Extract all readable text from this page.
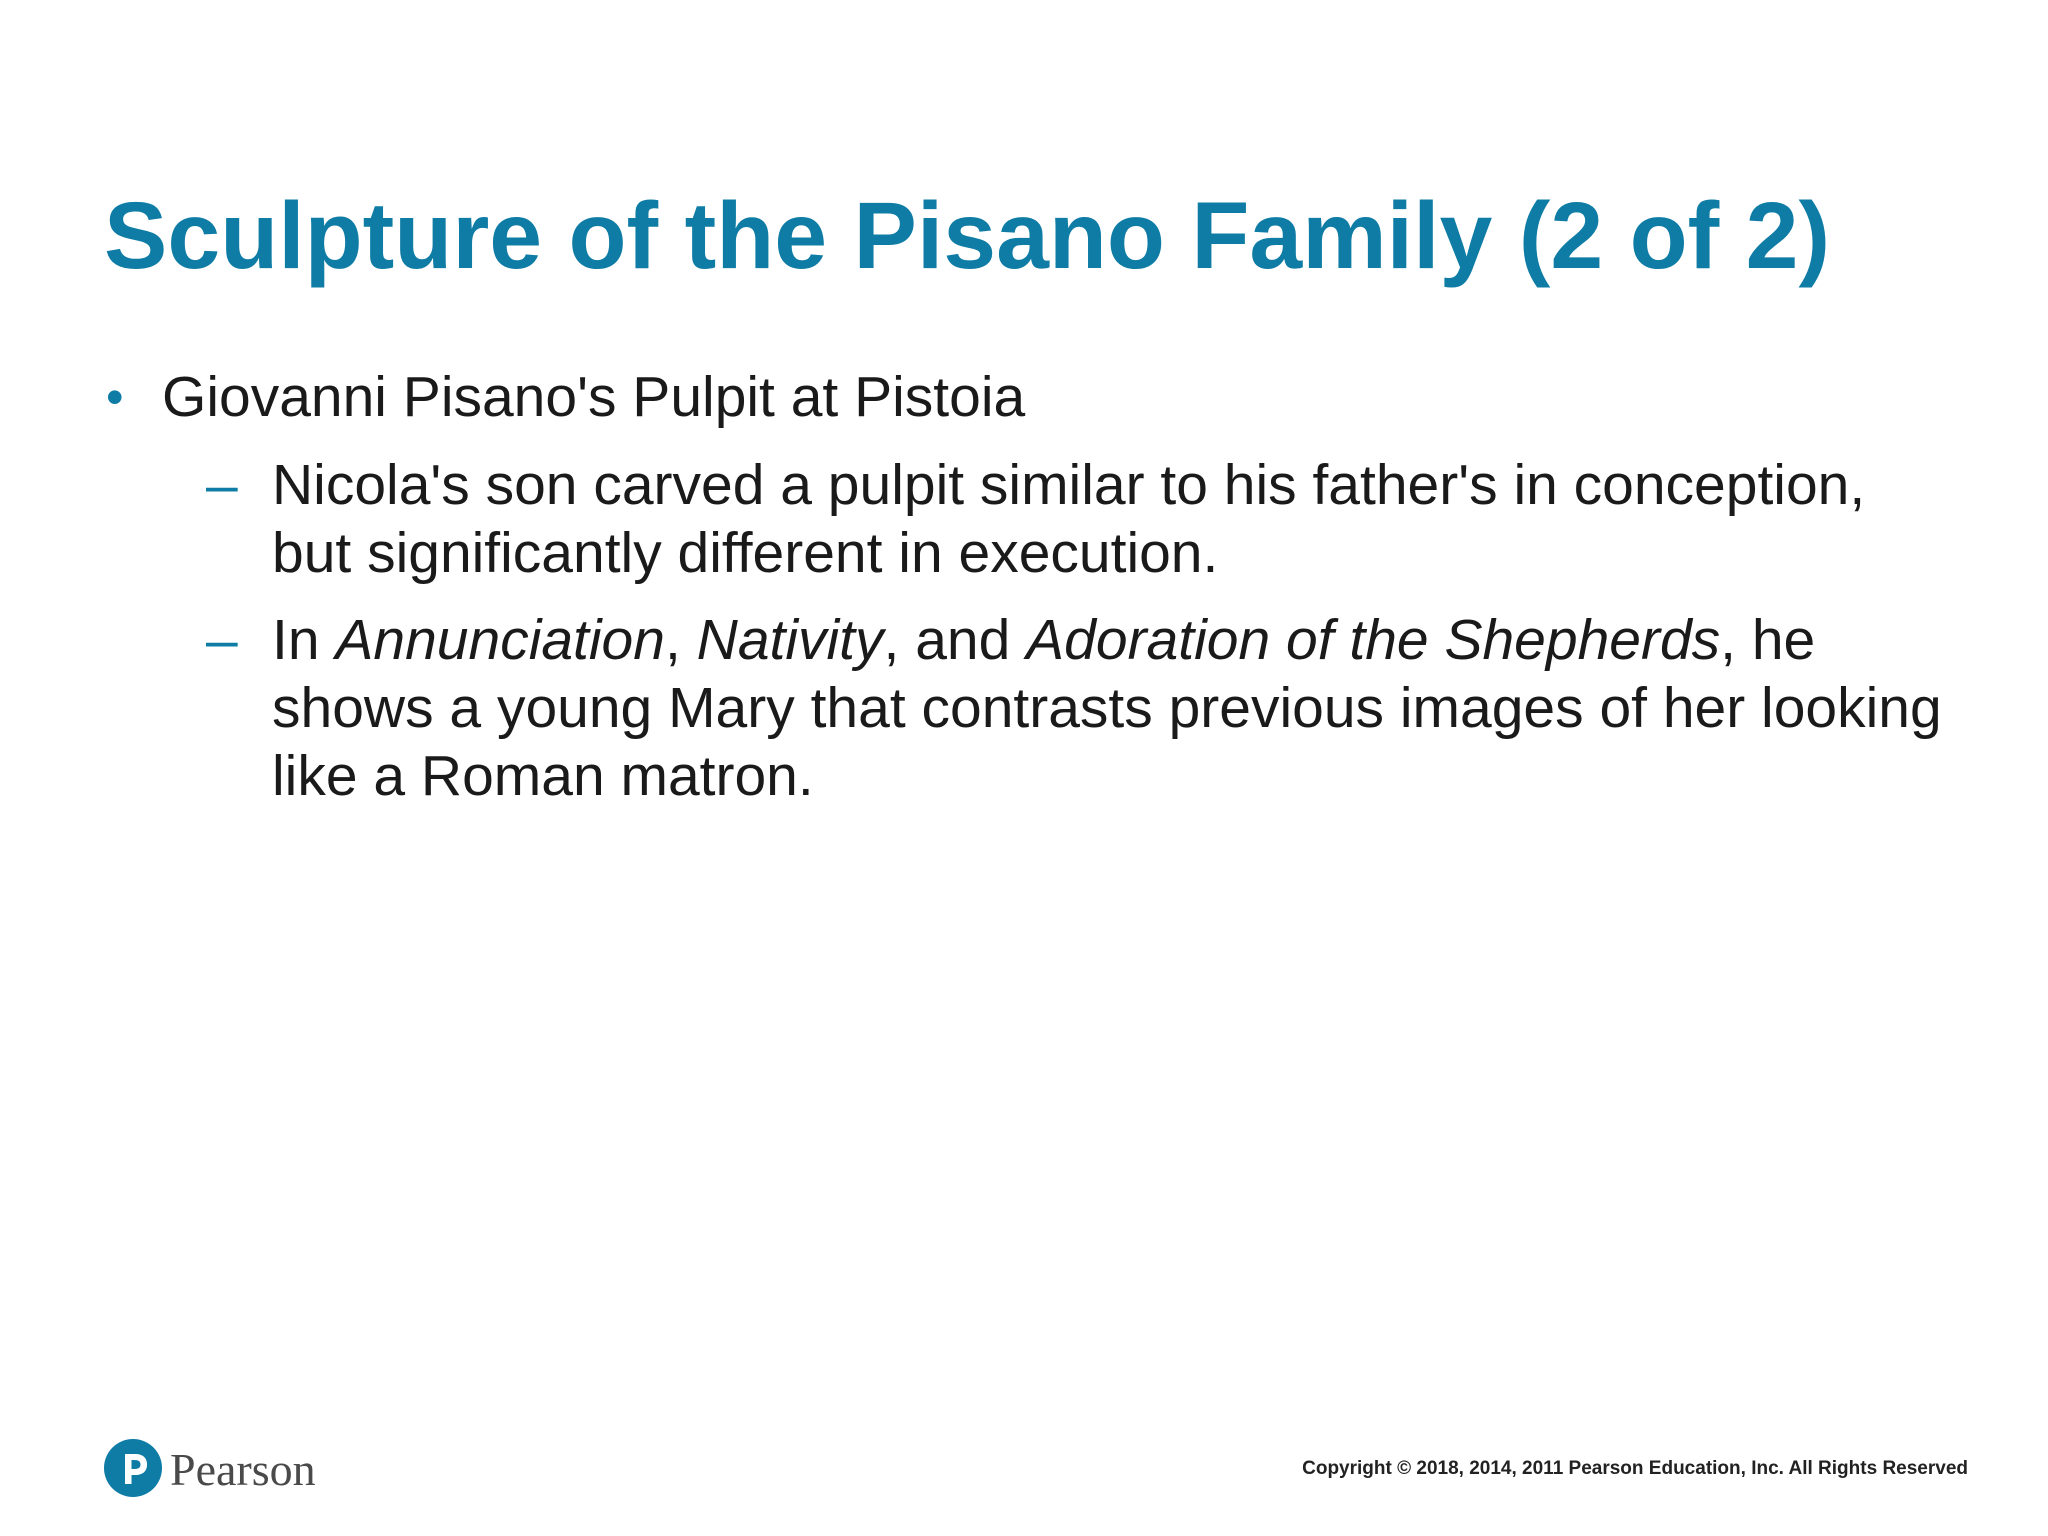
Sculpture of the Pisano Family (2 of 2)
• Giovanni Pisano's Pulpit at Pistoia
– Nicola's son carved a pulpit similar to his father's in conception,
but significantly different in execution.
– In Annunciation, Nativity, and Adoration of the Shepherds, he
shows a young Mary that contrasts previous images of her looking
like a Roman matron.
Pearson	Copyright © 2018, 2014, 2011 Pearson Education, Inc. All Rights Reserved
